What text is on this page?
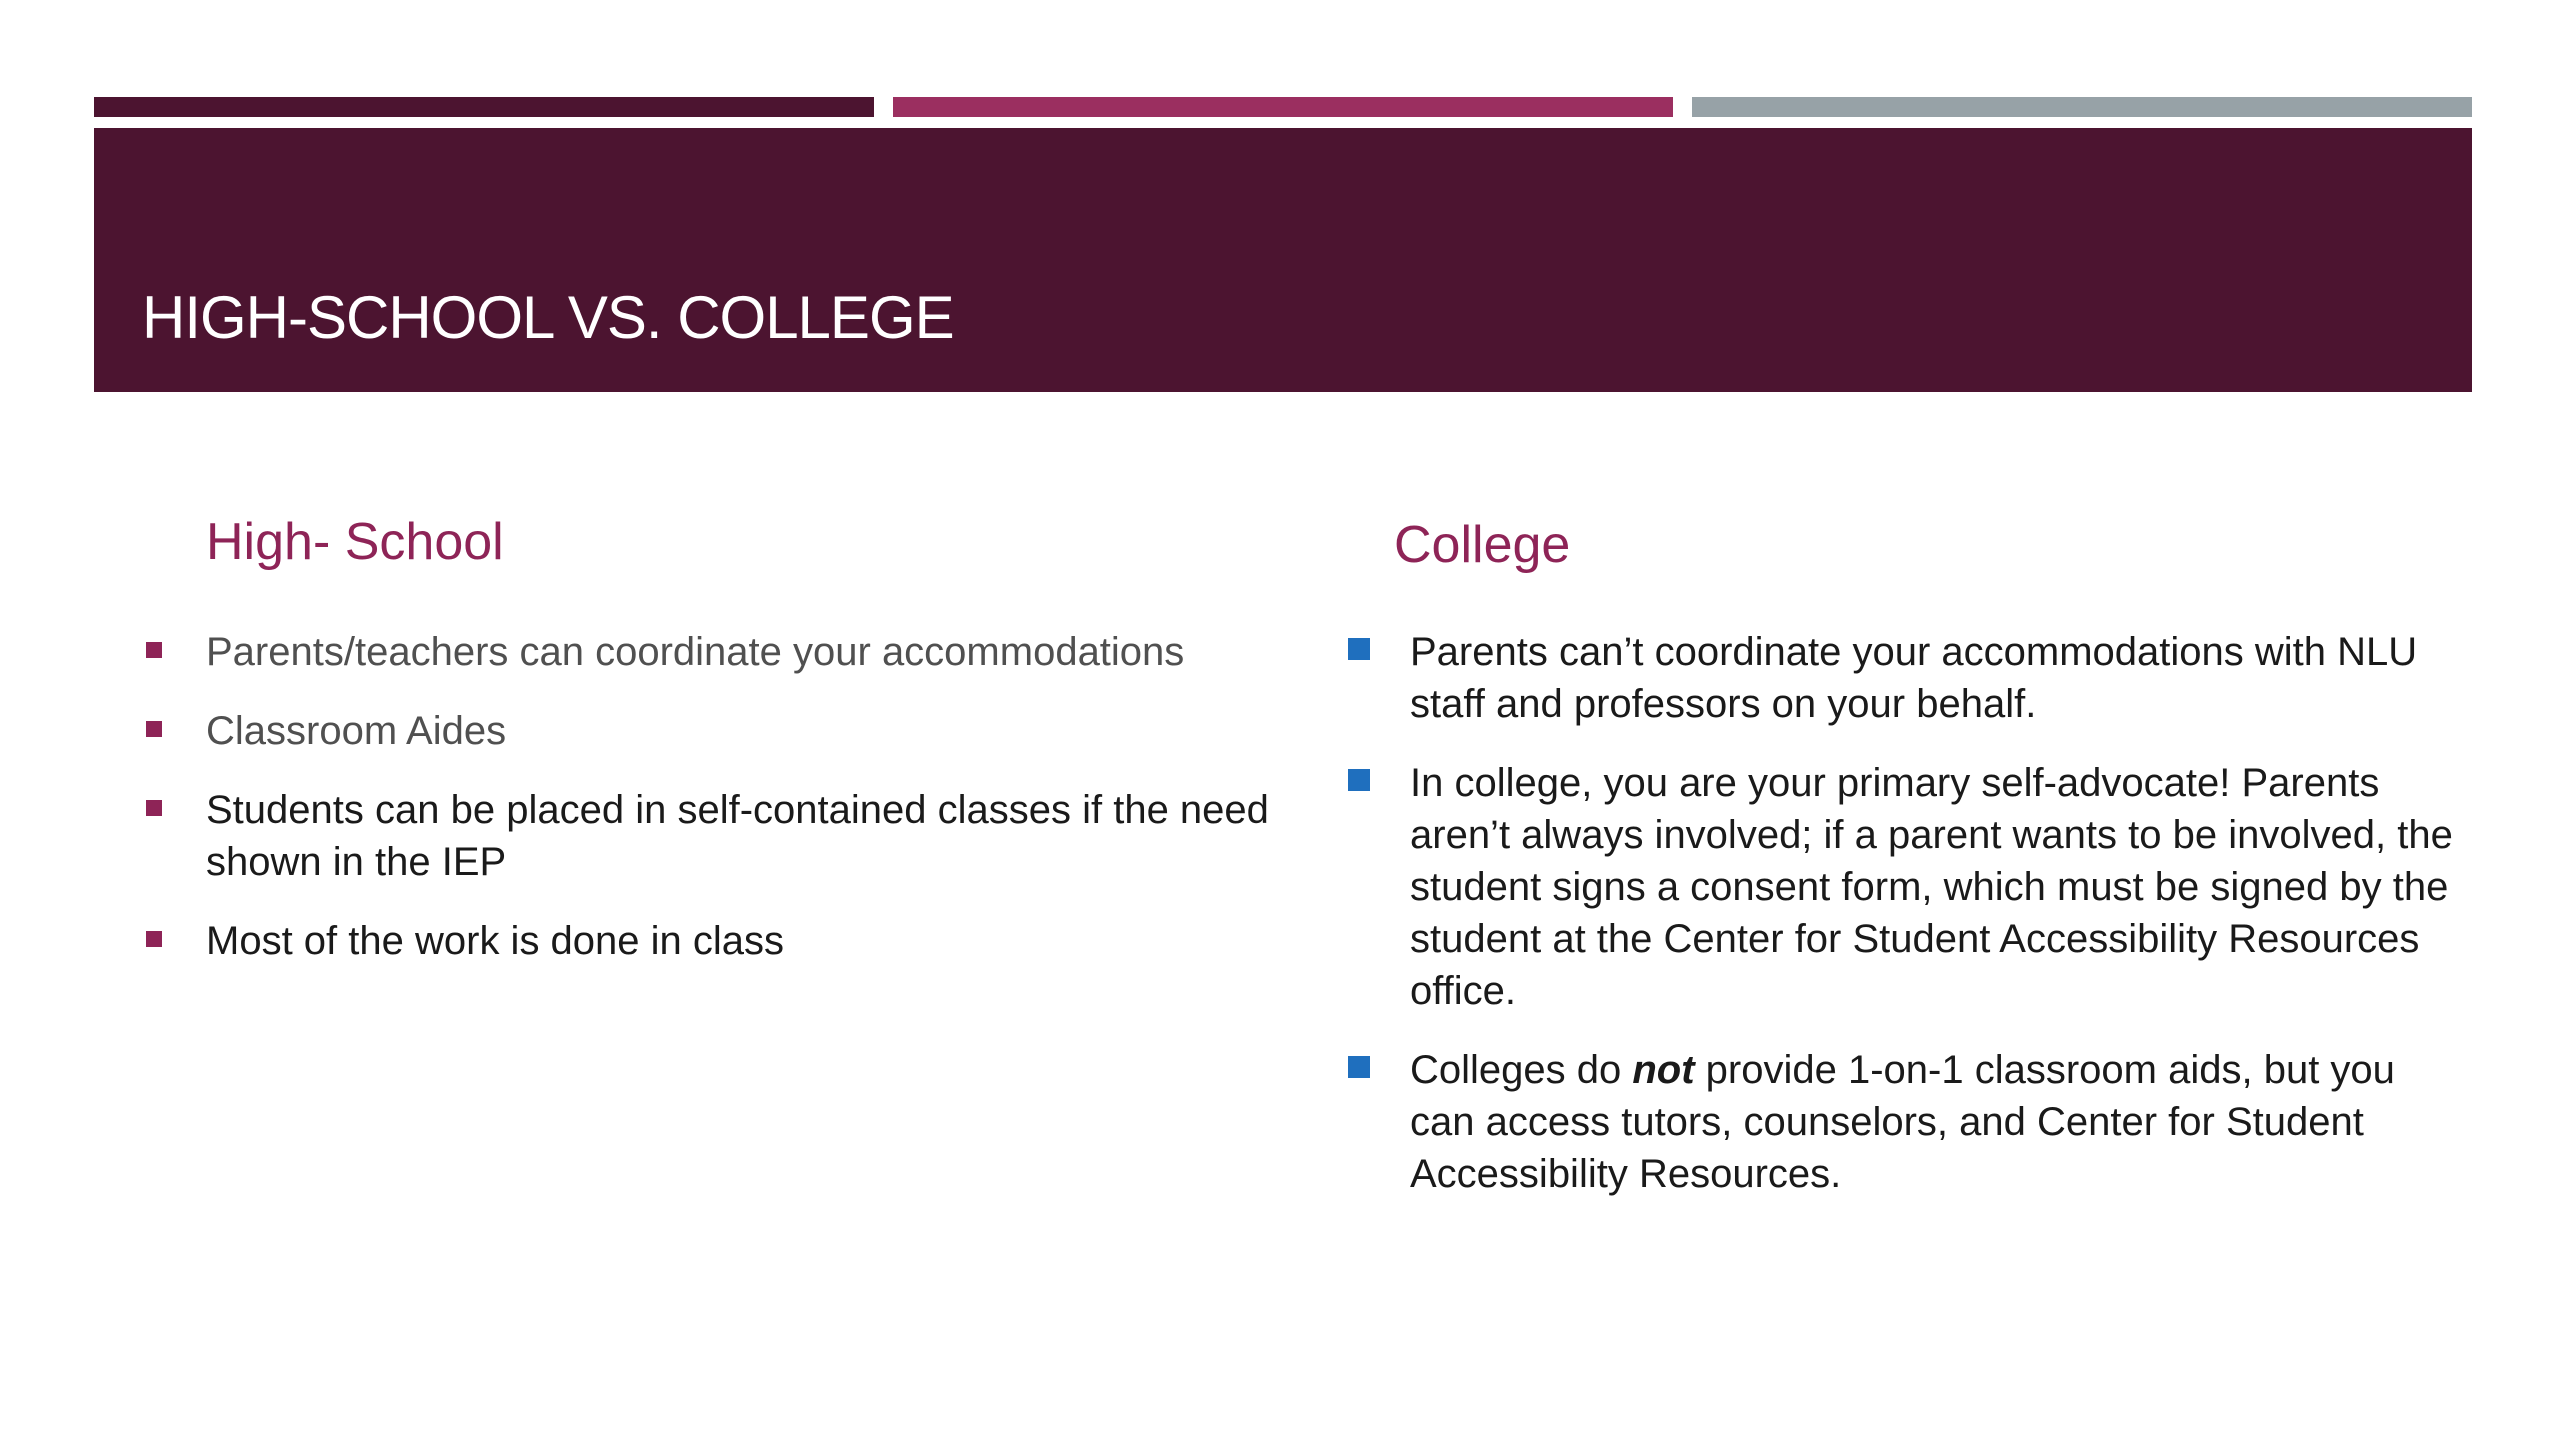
HIGH-SCHOOL VS. COLLEGE
High- School
Parents/teachers can coordinate your accommodations
Classroom Aides
Students can be placed in self-contained classes if the need shown in the IEP
Most of the work is done in class
College
Parents can’t coordinate your accommodations with NLU staff and professors on your behalf.
In college, you are your primary self-advocate! Parents aren’t always involved; if a parent wants to be involved, the student signs a consent form, which must be signed by the student at the Center for Student Accessibility Resources office.
Colleges do not provide 1-on-1 classroom aids, but you can access tutors, counselors, and Center for Student Accessibility Resources.
